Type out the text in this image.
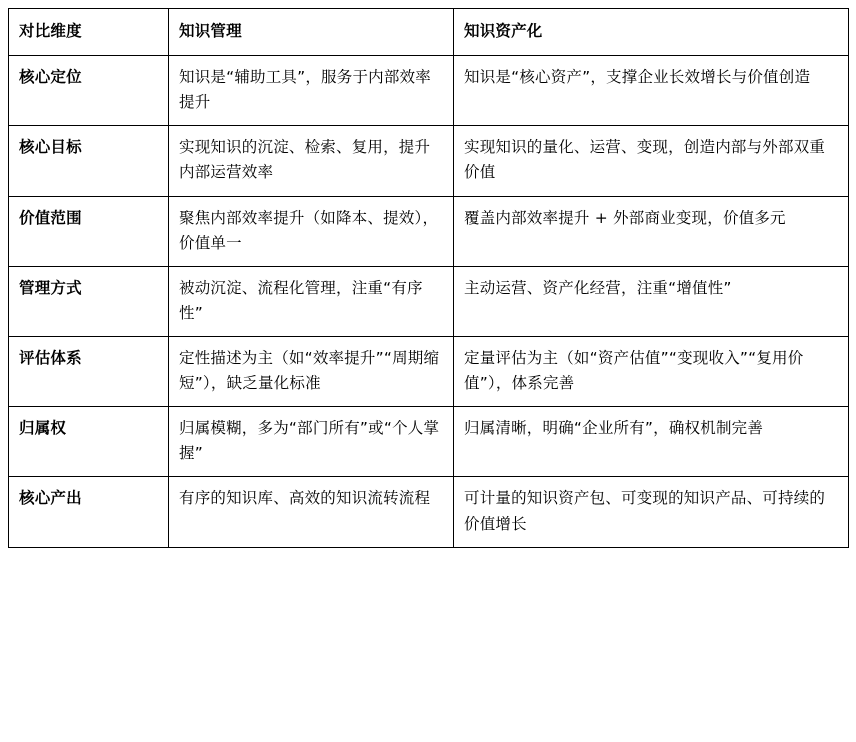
对比维度	知识管理	知识资产化

核心定位	知识是“辅助工具”，服务于内部效率提升	知识是“核心资产”，支撑企业长效增长与价值创造

核心目标	实现知识的沉淀、检索、复用，提升内部运营效率	实现知识的量化、运营、变现，创造内部与外部双重价值

价值范围	聚焦内部效率提升（如降本、提效），价值单一	覆盖内部效率提升 + 外部商业变现，价值多元

管理方式	被动沉淀、流程化管理，注重“有序性”	主动运营、资产化经营，注重“增值性”

评估体系	定性描述为主（如“效率提升”“周期缩短”），缺乏量化标准	定量评估为主（如“资产估值”“变现收入”“复用价值”），体系完善

归属权	归属模糊，多为“部门所有”或“个人掌握”	归属清晰，明确“企业所有”，确权机制完善

核心产出	有序的知识库、高效的知识流转流程	可计量的知识资产包、可变现的知识产品、可持续的价值增长
